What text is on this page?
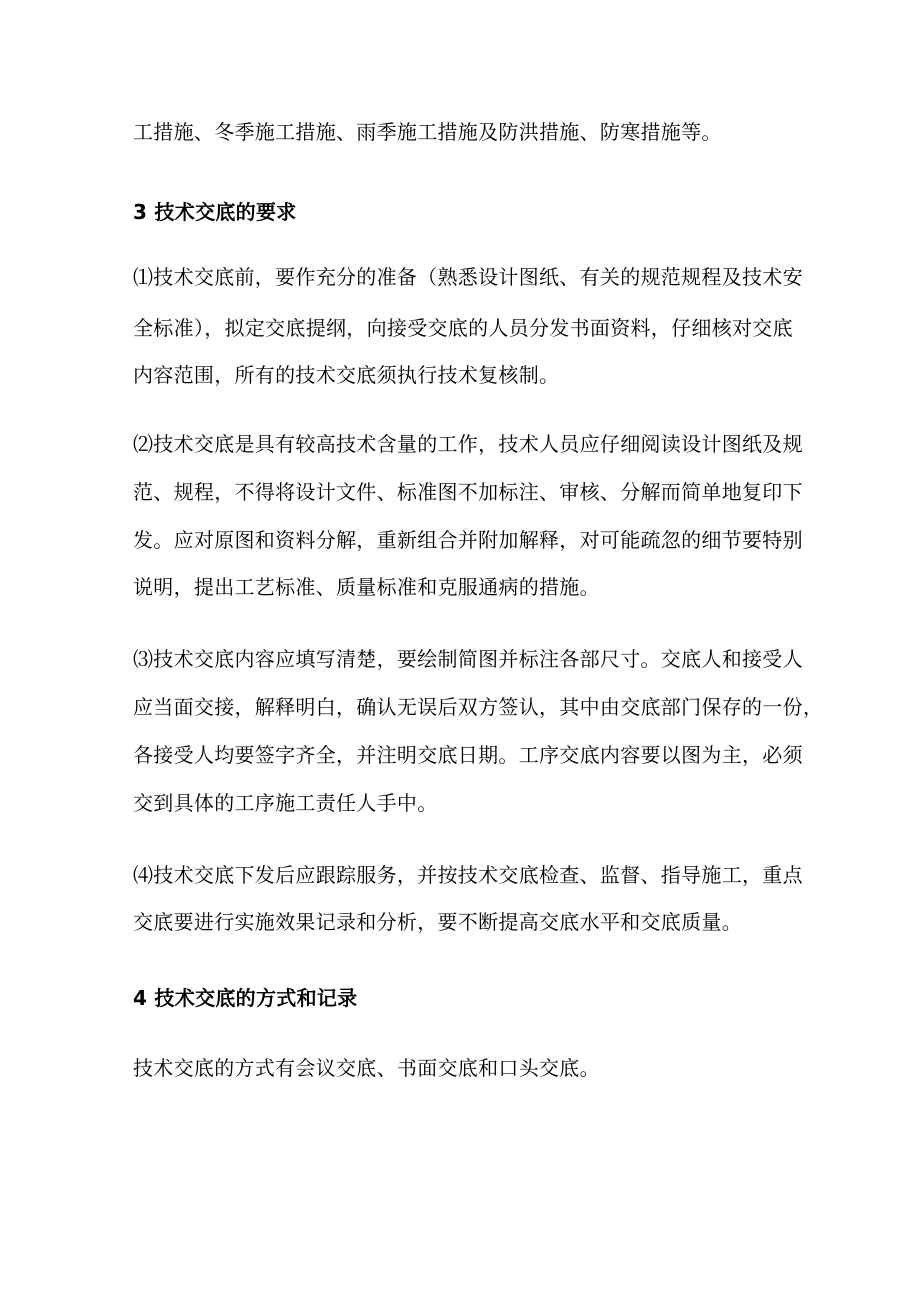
工措施、冬季施工措施、雨季施工措施及防洪措施、防寒措施等。
3 技术交底的要求
⑴技术交底前，要作充分的准备（熟悉设计图纸、有关的规范规程及技术安
全标准），拟定交底提纲，向接受交底的人员分发书面资料，仔细核对交底
内容范围，所有的技术交底须执行技术复核制。
⑵技术交底是具有较高技术含量的工作，技术人员应仔细阅读设计图纸及规
范、规程，不得将设计文件、标准图不加标注、审核、分解而简单地复印下
发。应对原图和资料分解，重新组合并附加解释，对可能疏忽的细节要特别
说明，提出工艺标准、质量标准和克服通病的措施。
⑶技术交底内容应填写清楚，要绘制简图并标注各部尺寸。交底人和接受人
应当面交接，解释明白，确认无误后双方签认，其中由交底部门保存的一份，
各接受人均要签字齐全，并注明交底日期。工序交底内容要以图为主，必须
交到具体的工序施工责任人手中。
⑷技术交底下发后应跟踪服务，并按技术交底检查、监督、指导施工，重点
交底要进行实施效果记录和分析，要不断提高交底水平和交底质量。
4 技术交底的方式和记录
技术交底的方式有会议交底、书面交底和口头交底。
